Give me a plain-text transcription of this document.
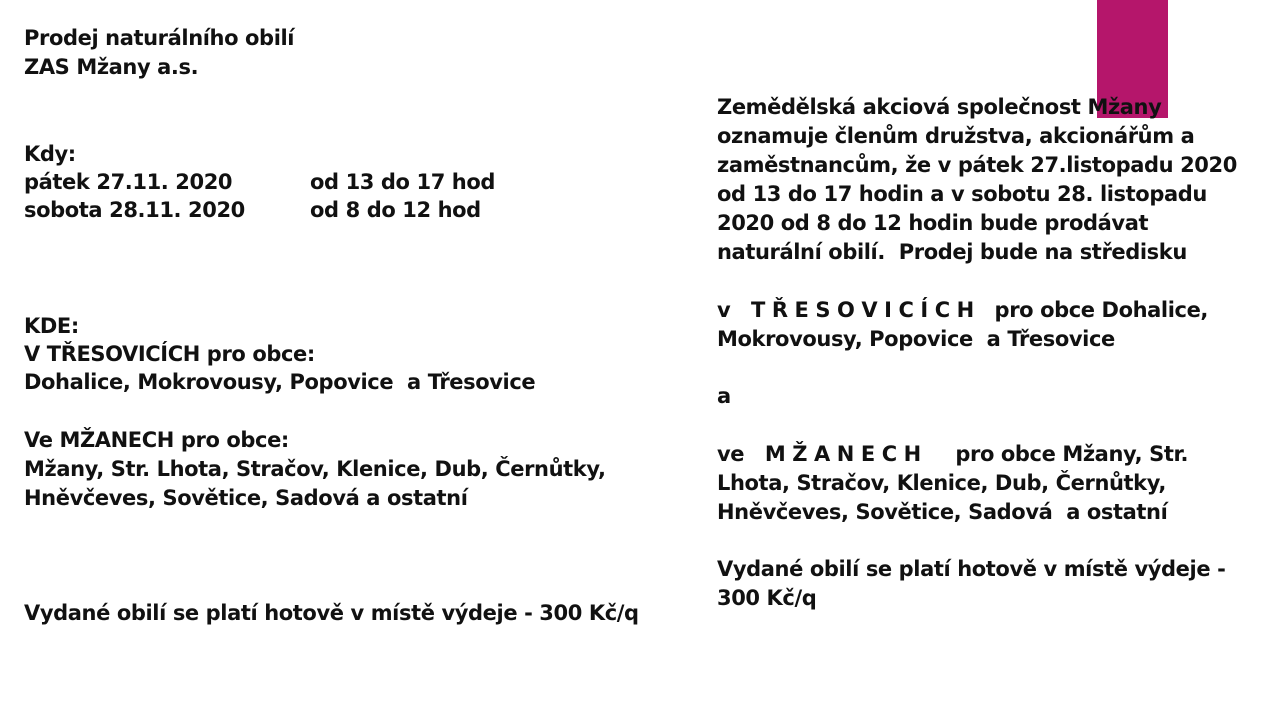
Prodej naturálního obilí
ZAS Mžany a.s.
Kdy:
pátek 27.11. 2020	od 13 do 17 hod
sobota 28.11. 2020	od 8 do 12 hod
KDE:
V TŘESOVICÍCH pro obce:
Dohalice, Mokrovousy, Popovice  a Třesovice
Ve MŽANECH pro obce:
Mžany, Str. Lhota, Stračov, Klenice, Dub, Černůtky,
Hněvčeves, Sovětice, Sadová a ostatní
Vydané obilí se platí hotově v místě výdeje - 300 Kč/q
Zemědělská akciová společnost Mžany
oznamuje členům družstva, akcionářům a
zaměstnancům, že v pátek 27.listopadu 2020
od 13 do 17 hodin a v sobotu 28. listopadu
2020 od 8 do 12 hodin bude prodávat
naturální obilí.  Prodej bude na středisku
v   T Ř E S O V I C Í C H   pro obce Dohalice,
Mokrovousy, Popovice  a Třesovice
a
ve   M Ž A N E C H     pro obce Mžany, Str.
Lhota, Stračov, Klenice, Dub, Černůtky,
Hněvčeves, Sovětice, Sadová  a ostatní
Vydané obilí se platí hotově v místě výdeje -
300 Kč/q
